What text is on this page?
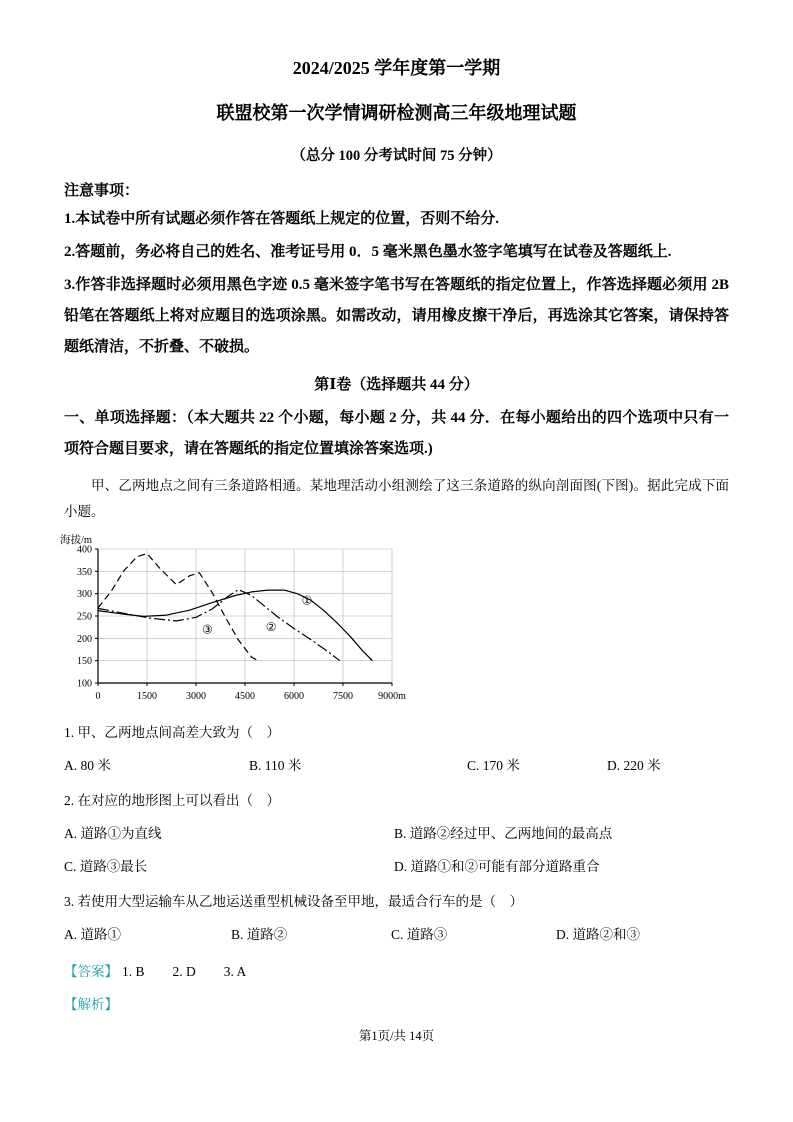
2024/2025 学年度第一学期
联盟校第一次学情调研检测高三年级地理试题
（总分 100 分考试时间 75 分钟）
注意事项：
1.本试卷中所有试题必须作答在答题纸上规定的位置，否则不给分.
2.答题前，务必将自己的姓名、准考证号用 0．5 毫米黑色墨水签字笔填写在试卷及答题纸上.
3.作答非选择题时必须用黑色字迹 0.5 毫米签字笔书写在答题纸的指定位置上，作答选择题必须用 2B 铅笔在答题纸上将对应题目的选项涂黑。如需改动，请用橡皮擦干净后，再选涂其它答案，请保持答题纸清洁，不折叠、不破损。
第Ⅰ卷（选择题共 44 分）
一、单项选择题：（本大题共 22 个小题，每小题 2 分，共 44 分．在每小题给出的四个选项中只有一项符合题目要求，请在答题纸的指定位置填涂答案选项.)
甲、乙两地点之间有三条道路相通。某地理活动小组测绘了这三条道路的纵向剖面图(下图)。据此完成下面小题。
0	1500	3000	4500	6000	7500	9000m
100
150
200
250
300
350
400
海拔/m
①
②
③
1. 甲、乙两地点间高差大致为（　）
A. 80 米	B. 110 米	C. 170 米	D. 220 米
2. 在对应的地形图上可以看出（　）
A. 道路①为直线	B. 道路②经过甲、乙两地间的最高点
C. 道路③最长	D. 道路①和②可能有部分道路重合
3. 若使用大型运输车从乙地运送重型机械设备至甲地，最适合行车的是（　）
A. 道路①	B. 道路②	C. 道路③	D. 道路②和③
【答案】 1. B 2. D 3. A
【解析】
第1页/共 14页
